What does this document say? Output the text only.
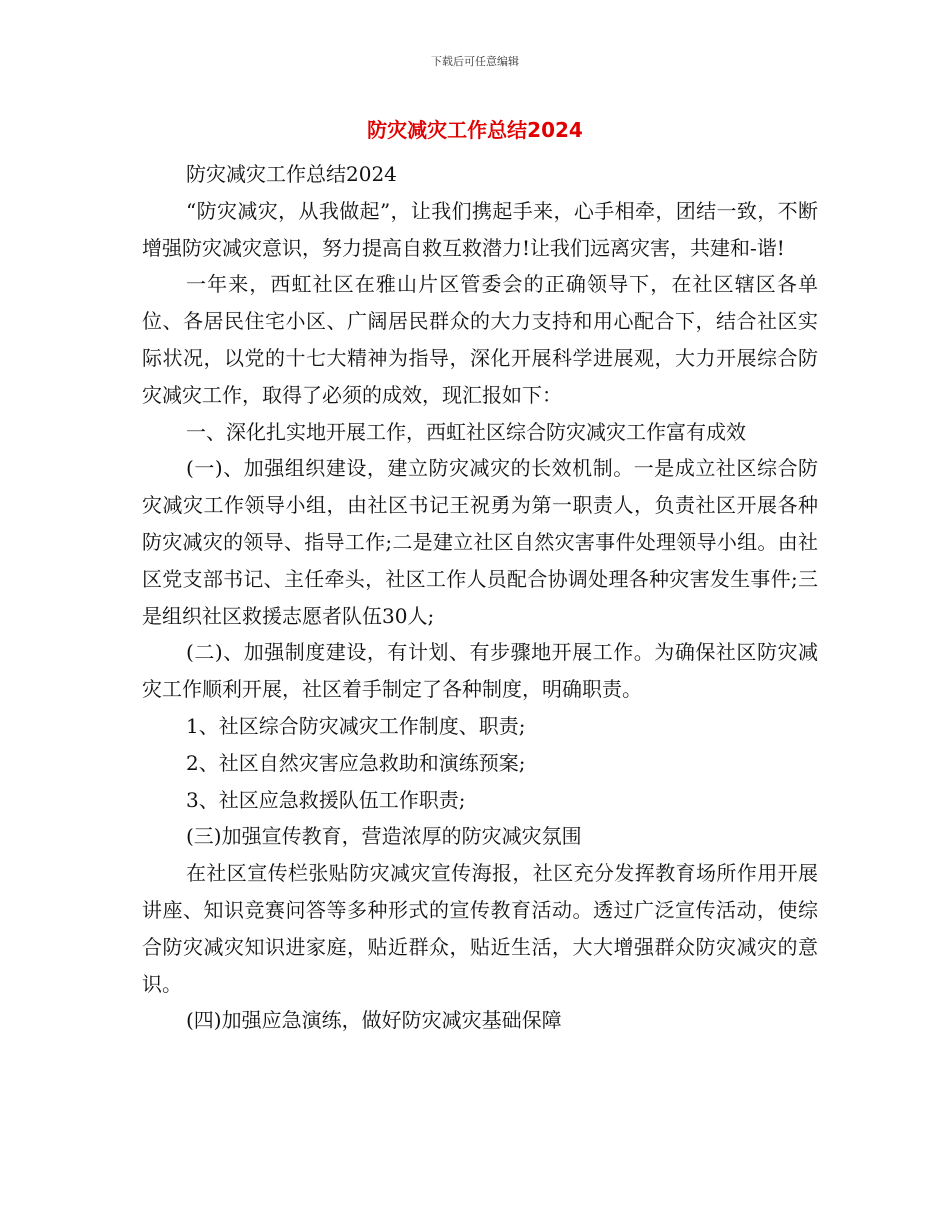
下载后可任意编辑
防灾减灾工作总结2024

防灾减灾工作总结2024

“防灾减灾，从我做起”，让我们携起手来，心手相牵，团结一致，不断增强防灾减灾意识，努力提高自救互救潜力!让我们远离灾害，共建和-谐!

一年来，西虹社区在雅山片区管委会的正确领导下，在社区辖区各单位、各居民住宅小区、广阔居民群众的大力支持和用心配合下，结合社区实际状况，以党的十七大精神为指导，深化开展科学进展观，大力开展综合防灾减灾工作，取得了必须的成效，现汇报如下：

一、深化扎实地开展工作，西虹社区综合防灾减灾工作富有成效

(一)、加强组织建设，建立防灾减灾的长效机制。一是成立社区综合防灾减灾工作领导小组，由社区书记王祝勇为第一职责人，负责社区开展各种防灾减灾的领导、指导工作;二是建立社区自然灾害事件处理领导小组。由社区党支部书记、主任牵头，社区工作人员配合协调处理各种灾害发生事件;三是组织社区救援志愿者队伍30人;

(二)、加强制度建设，有计划、有步骤地开展工作。为确保社区防灾减灾工作顺利开展，社区着手制定了各种制度，明确职责。

1、社区综合防灾减灾工作制度、职责;

2、社区自然灾害应急救助和演练预案;

3、社区应急救援队伍工作职责;

(三)加强宣传教育，营造浓厚的防灾减灾氛围

在社区宣传栏张贴防灾减灾宣传海报，社区充分发挥教育场所作用开展讲座、知识竞赛问答等多种形式的宣传教育活动。透过广泛宣传活动，使综合防灾减灾知识进家庭，贴近群众，贴近生活，大大增强群众防灾减灾的意识。

(四)加强应急演练，做好防灾减灾基础保障
